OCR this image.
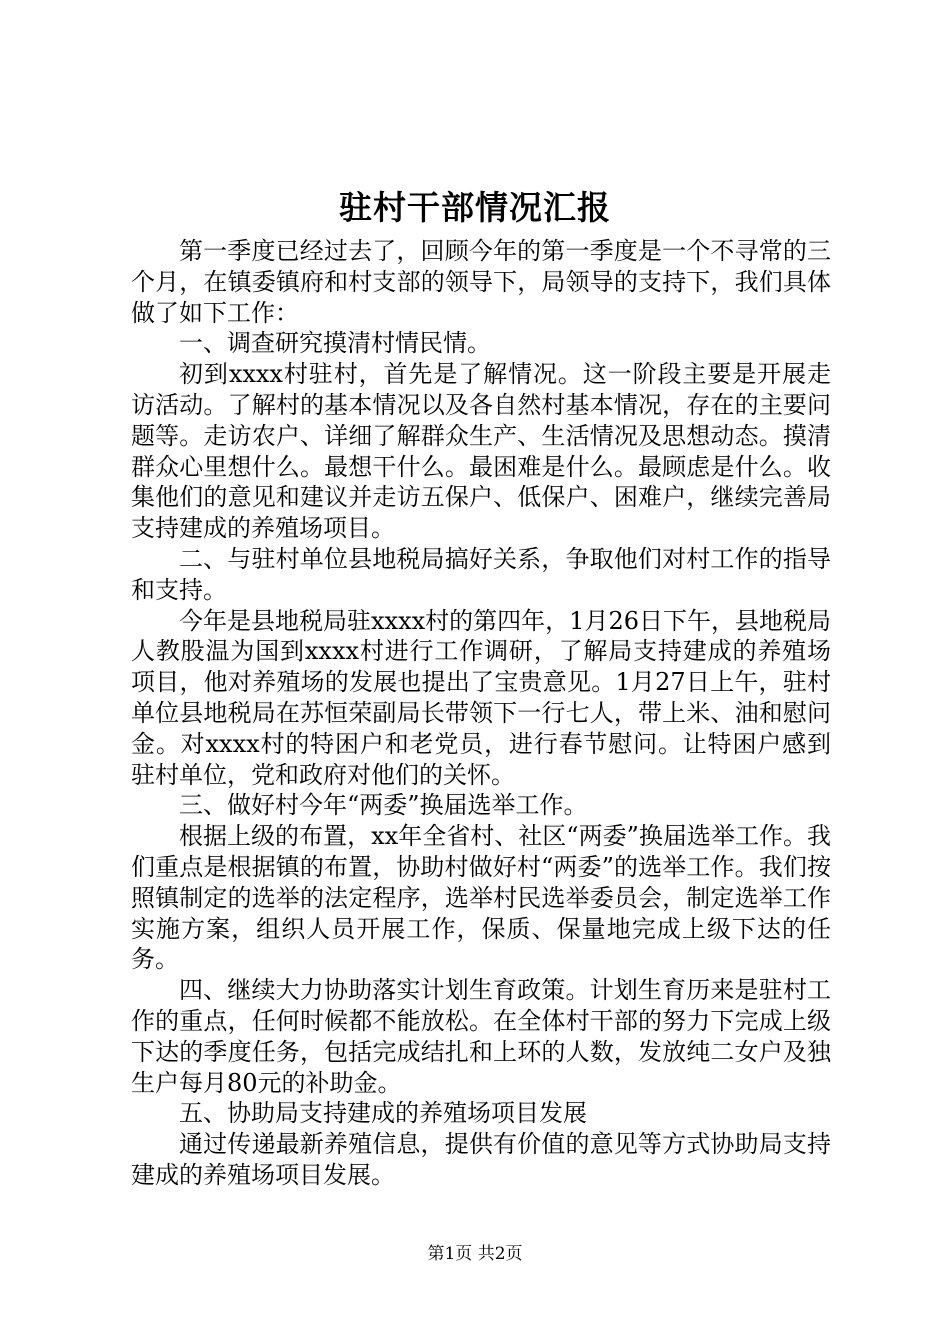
驻村干部情况汇报

第一季度已经过去了，回顾今年的第一季度是一个不寻常的三个月，在镇委镇府和村支部的领导下，局领导的支持下，我们具体做了如下工作：

一、调查研究摸清村情民情。

初到xxxx村驻村，首先是了解情况。这一阶段主要是开展走访活动。了解村的基本情况以及各自然村基本情况，存在的主要问题等。走访农户、详细了解群众生产、生活情况及思想动态。摸清群众心里想什么。最想干什么。最困难是什么。最顾虑是什么。收集他们的意见和建议并走访五保户、低保户、困难户，继续完善局支持建成的养殖场项目。

二、与驻村单位县地税局搞好关系，争取他们对村工作的指导和支持。

今年是县地税局驻xxxx村的第四年，1月26日下午，县地税局人教股温为国到xxxx村进行工作调研，了解局支持建成的养殖场项目，他对养殖场的发展也提出了宝贵意见。1月27日上午，驻村单位县地税局在苏恒荣副局长带领下一行七人，带上米、油和慰问金。对xxxx村的特困户和老党员，进行春节慰问。让特困户感到驻村单位，党和政府对他们的关怀。

三、做好村今年“两委”换届选举工作。

根据上级的布置，xx年全省村、社区“两委”换届选举工作。我们重点是根据镇的布置，协助村做好村“两委”的选举工作。我们按照镇制定的选举的法定程序，选举村民选举委员会，制定选举工作实施方案，组织人员开展工作，保质、保量地完成上级下达的任务。

四、继续大力协助落实计划生育政策。计划生育历来是驻村工作的重点，任何时候都不能放松。在全体村干部的努力下完成上级下达的季度任务，包括完成结扎和上环的人数，发放纯二女户及独生户每月80元的补助金。

五、协助局支持建成的养殖场项目发展

通过传递最新养殖信息，提供有价值的意见等方式协助局支持建成的养殖场项目发展。

第1页 共2页
